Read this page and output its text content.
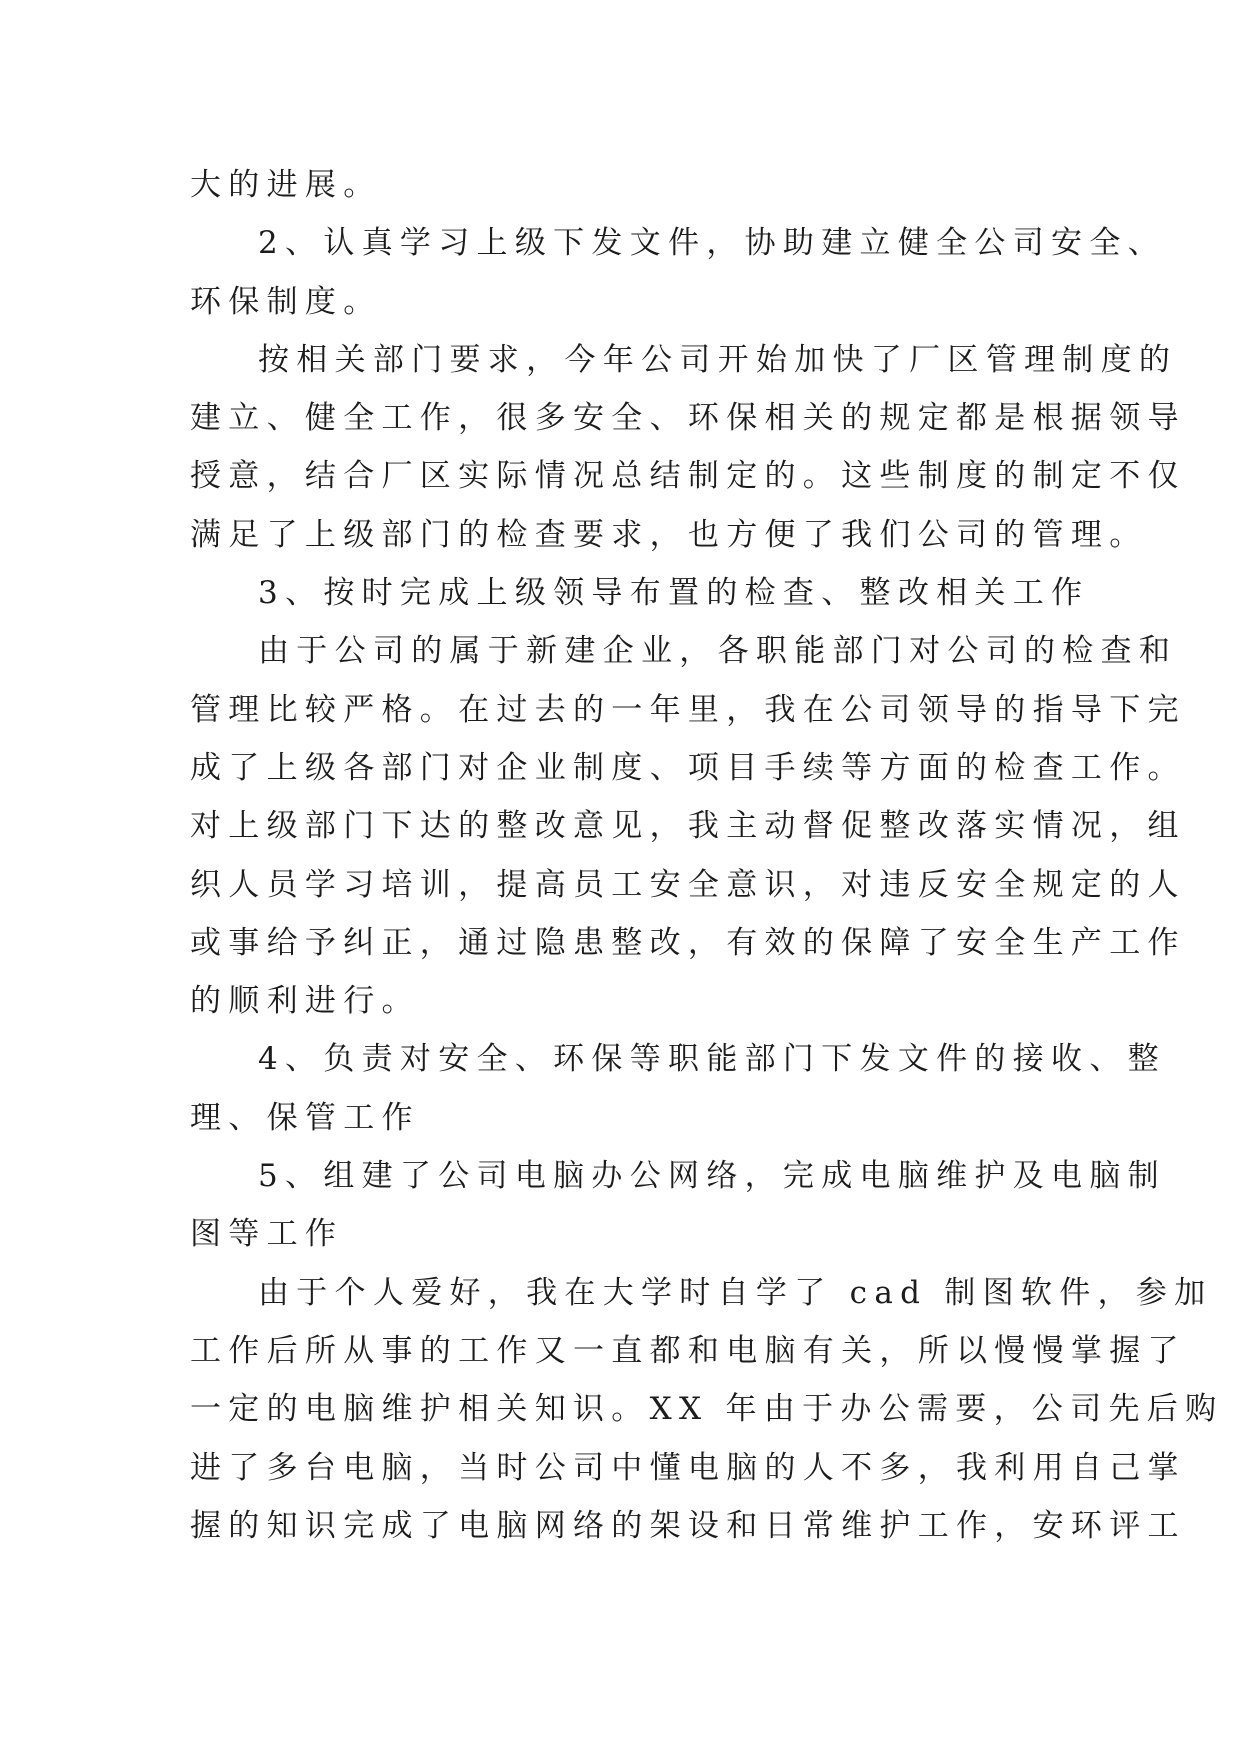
大的进展。
2、认真学习上级下发文件，协助建立健全公司安全、
环保制度。
按相关部门要求，今年公司开始加快了厂区管理制度的
建立、健全工作，很多安全、环保相关的规定都是根据领导
授意，结合厂区实际情况总结制定的。这些制度的制定不仅
满足了上级部门的检查要求，也方便了我们公司的管理。
3、按时完成上级领导布置的检查、整改相关工作
由于公司的属于新建企业，各职能部门对公司的检查和
管理比较严格。在过去的一年里，我在公司领导的指导下完
成了上级各部门对企业制度、项目手续等方面的检查工作。
对上级部门下达的整改意见，我主动督促整改落实情况，组
织人员学习培训，提高员工安全意识，对违反安全规定的人
或事给予纠正，通过隐患整改，有效的保障了安全生产工作
的顺利进行。
4、负责对安全、环保等职能部门下发文件的接收、整
理、保管工作
5、组建了公司电脑办公网络，完成电脑维护及电脑制
图等工作
由于个人爱好，我在大学时自学了 cad 制图软件，参加
工作后所从事的工作又一直都和电脑有关，所以慢慢掌握了
一定的电脑维护相关知识。XX 年由于办公需要，公司先后购
进了多台电脑，当时公司中懂电脑的人不多，我利用自己掌
握的知识完成了电脑网络的架设和日常维护工作，安环评工
